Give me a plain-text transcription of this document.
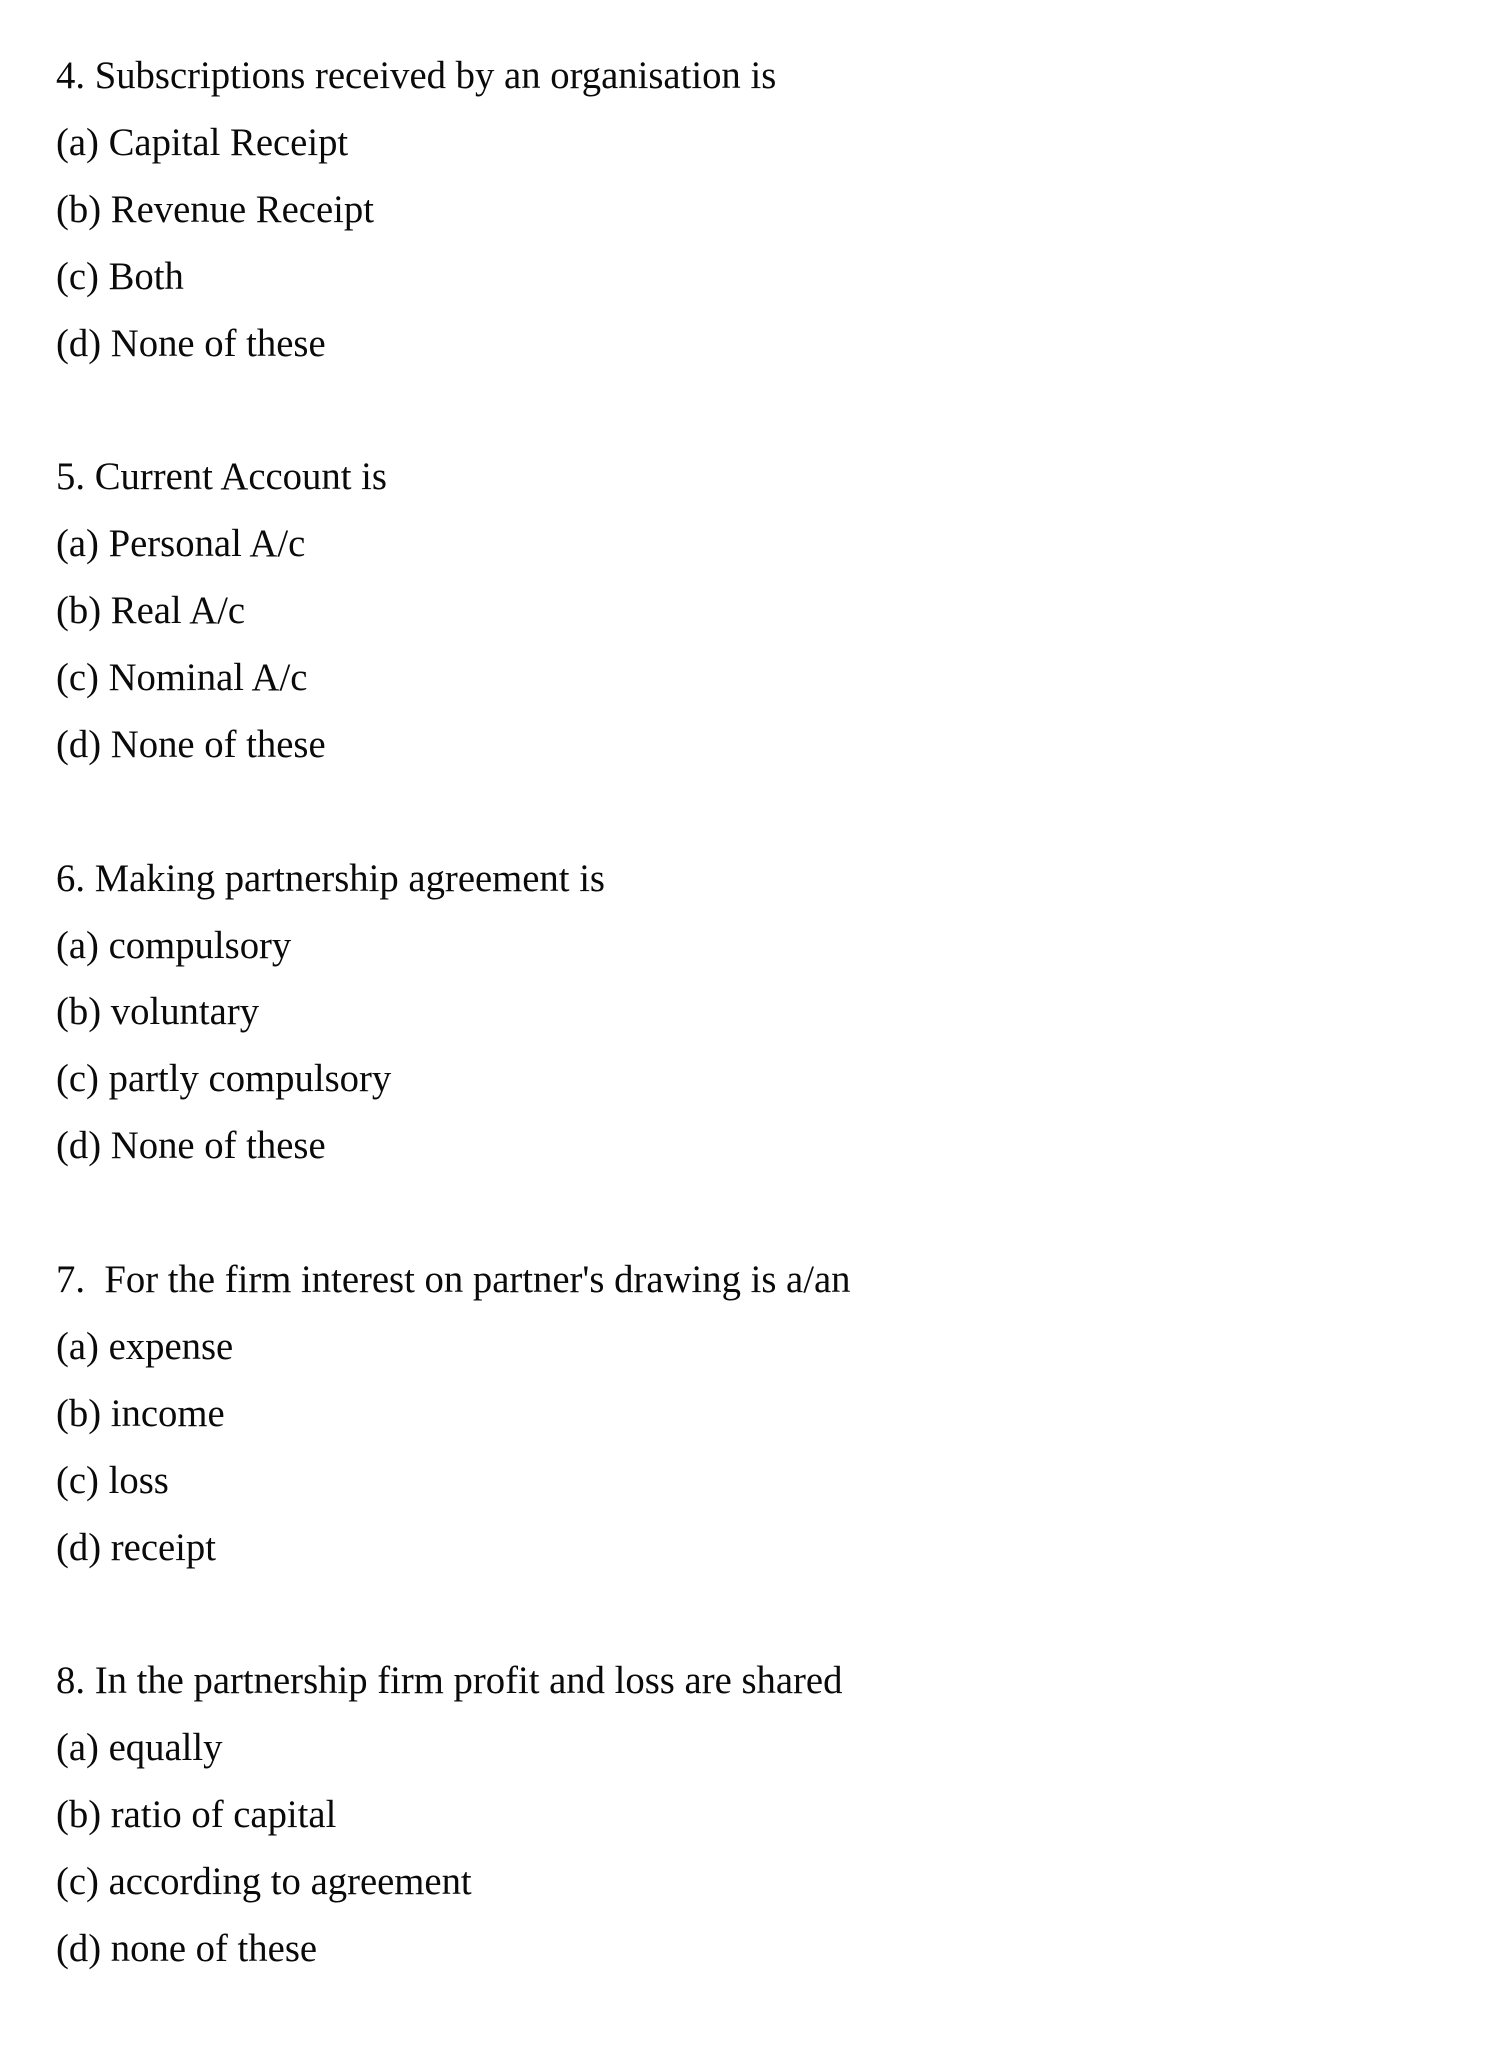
4. Subscriptions received by an organisation is
(a) Capital Receipt
(b) Revenue Receipt
(c) Both
(d) None of these
5. Current Account is
(a) Personal A/c
(b) Real A/c
(c) Nominal A/c
(d) None of these
6. Making partnership agreement is
(a) compulsory
(b) voluntary
(c) partly compulsory
(d) None of these
7.  For the firm interest on partner's drawing is a/an
(a) expense
(b) income
(c) loss
(d) receipt
8. In the partnership firm profit and loss are shared
(a) equally
(b) ratio of capital
(c) according to agreement
(d) none of these
